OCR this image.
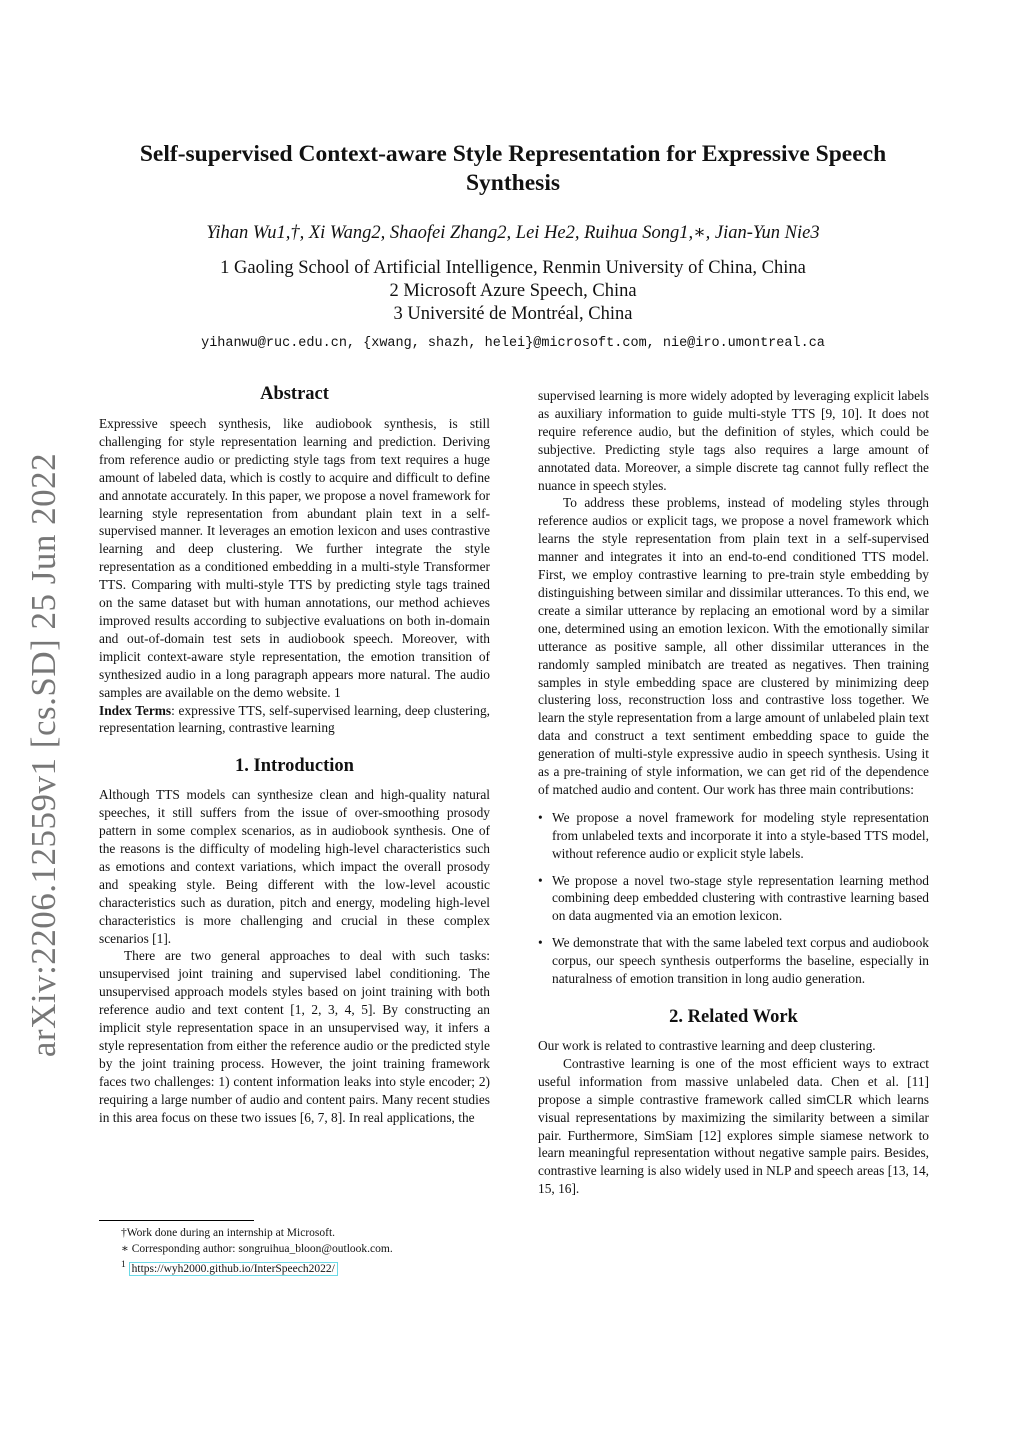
arXiv:2206.12559v1 [cs.SD] 25 Jun 2022
Self-supervised Context-aware Style Representation for Expressive Speech Synthesis
Yihan Wu1,†, Xi Wang2, Shaofei Zhang2, Lei He2, Ruihua Song1,∗, Jian-Yun Nie3
1 Gaoling School of Artificial Intelligence, Renmin University of China, China
2 Microsoft Azure Speech, China
3 Université de Montréal, China
yihanwu@ruc.edu.cn, {xwang, shazh, helei}@microsoft.com, nie@iro.umontreal.ca
Abstract

Expressive speech synthesis, like audiobook synthesis, is still challenging for style representation learning and prediction. Deriving from reference audio or predicting style tags from text requires a huge amount of labeled data, which is costly to acquire and difficult to define and annotate accurately. In this paper, we propose a novel framework for learning style representation from abundant plain text in a self-supervised manner. It leverages an emotion lexicon and uses contrastive learning and deep clustering. We further integrate the style representation as a conditioned embedding in a multi-style Transformer TTS. Comparing with multi-style TTS by predicting style tags trained on the same dataset but with human annotations, our method achieves improved results according to subjective evaluations on both in-domain and out-of-domain test sets in audiobook speech. Moreover, with implicit context-aware style representation, the emotion transition of synthesized audio in a long paragraph appears more natural. The audio samples are available on the demo website. 1

Index Terms: expressive TTS, self-supervised learning, deep clustering, representation learning, contrastive learning

1. Introduction

Although TTS models can synthesize clean and high-quality natural speeches, it still suffers from the issue of over-smoothing prosody pattern in some complex scenarios, as in audiobook synthesis. One of the reasons is the difficulty of modeling high-level characteristics such as emotions and context variations, which impact the overall prosody and speaking style. Being different with the low-level acoustic characteristics such as duration, pitch and energy, modeling high-level characteristics is more challenging and crucial in these complex scenarios [1].

There are two general approaches to deal with such tasks: unsupervised joint training and supervised label conditioning. The unsupervised approach models styles based on joint training with both reference audio and text content [1, 2, 3, 4, 5]. By constructing an implicit style representation space in an unsupervised way, it infers a style representation from either the reference audio or the predicted style by the joint training process. However, the joint training framework faces two challenges: 1) content information leaks into style encoder; 2) requiring a large number of audio and content pairs. Many recent studies in this area focus on these two issues [6, 7, 8]. In real applications, the

supervised learning is more widely adopted by leveraging explicit labels as auxiliary information to guide multi-style TTS [9, 10]. It does not require reference audio, but the definition of styles, which could be subjective. Predicting style tags also requires a large amount of annotated data. Moreover, a simple discrete tag cannot fully reflect the nuance in speech styles.

To address these problems, instead of modeling styles through reference audios or explicit tags, we propose a novel framework which learns the style representation from plain text in a self-supervised manner and integrates it into an end-to-end conditioned TTS model. First, we employ contrastive learning to pre-train style embedding by distinguishing between similar and dissimilar utterances. To this end, we create a similar utterance by replacing an emotional word by a similar one, determined using an emotion lexicon. With the emotionally similar utterance as positive sample, all other dissimilar utterances in the randomly sampled minibatch are treated as negatives. Then training samples in style embedding space are clustered by minimizing deep clustering loss, reconstruction loss and contrastive loss together. We learn the style representation from a large amount of unlabeled plain text data and construct a text sentiment embedding space to guide the generation of multi-style expressive audio in speech synthesis. Using it as a pre-training of style information, we can get rid of the dependence of matched audio and content. Our work has three main contributions:

• We propose a novel framework for modeling style representation from unlabeled texts and incorporate it into a style-based TTS model, without reference audio or explicit style labels.
• We propose a novel two-stage style representation learning method combining deep embedded clustering with contrastive learning based on data augmented via an emotion lexicon.
• We demonstrate that with the same labeled text corpus and audiobook corpus, our speech synthesis outperforms the baseline, especially in naturalness of emotion transition in long audio generation.
2. Related Work

Our work is related to contrastive learning and deep clustering.

Contrastive learning is one of the most efficient ways to extract useful information from massive unlabeled data. Chen et al. [11] propose a simple contrastive framework called simCLR which learns visual representations by maximizing the similarity between a similar pair. Furthermore, SimSiam [12] explores simple siamese network to learn meaningful representation without negative sample pairs. Besides, contrastive learning is also widely used in NLP and speech areas [13, 14, 15, 16].

†Work done during an internship at Microsoft.
∗ Corresponding author: songruihua_bloon@outlook.com.
$^1$ https://wyh2000.github.io/InterSpeech2022/
